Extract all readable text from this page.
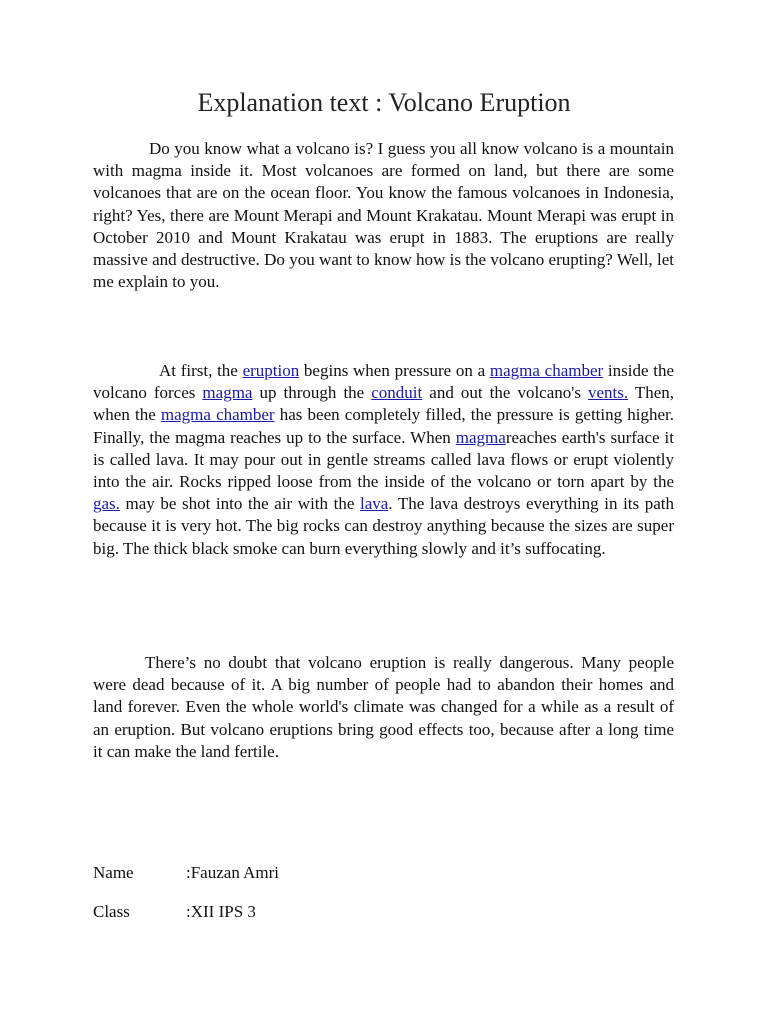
Explanation text : Volcano Eruption

Do you know what a volcano is? I guess you all know volcano is a mountain with magma inside it. Most volcanoes are formed on land, but there are some volcanoes that are on the ocean floor. You know the famous volcanoes in Indonesia, right? Yes, there are Mount Merapi and Mount Krakatau. Mount Merapi was erupt in October 2010 and Mount Krakatau was erupt in 1883. The eruptions are really massive and destructive. Do you want to know how is the volcano erupting? Well, let me explain to you.

At first, the eruption begins when pressure on a magma chamber inside the volcano forces magma up through the conduit and out the volcano's vents. Then, when the magma chamber has been completely filled, the pressure is getting higher. Finally, the magma reaches up to the surface. When magmareaches earth's surface it is called lava. It may pour out in gentle streams called lava flows or erupt violently into the air. Rocks ripped loose from the inside of the volcano or torn apart by the gas. may be shot into the air with the lava. The lava destroys everything in its path because it is very hot. The big rocks can destroy anything because the sizes are super big. The thick black smoke can burn everything slowly and it’s suffocating.

There’s no doubt that volcano eruption is really dangerous. Many people were dead because of it. A big number of people had to abandon their homes and land forever. Even the whole world's climate was changed for a while as a result of an eruption. But volcano eruptions bring good effects too, because after a long time it can make the land fertile.

Name	:Fauzan Amri
Class	:XII IPS 3
